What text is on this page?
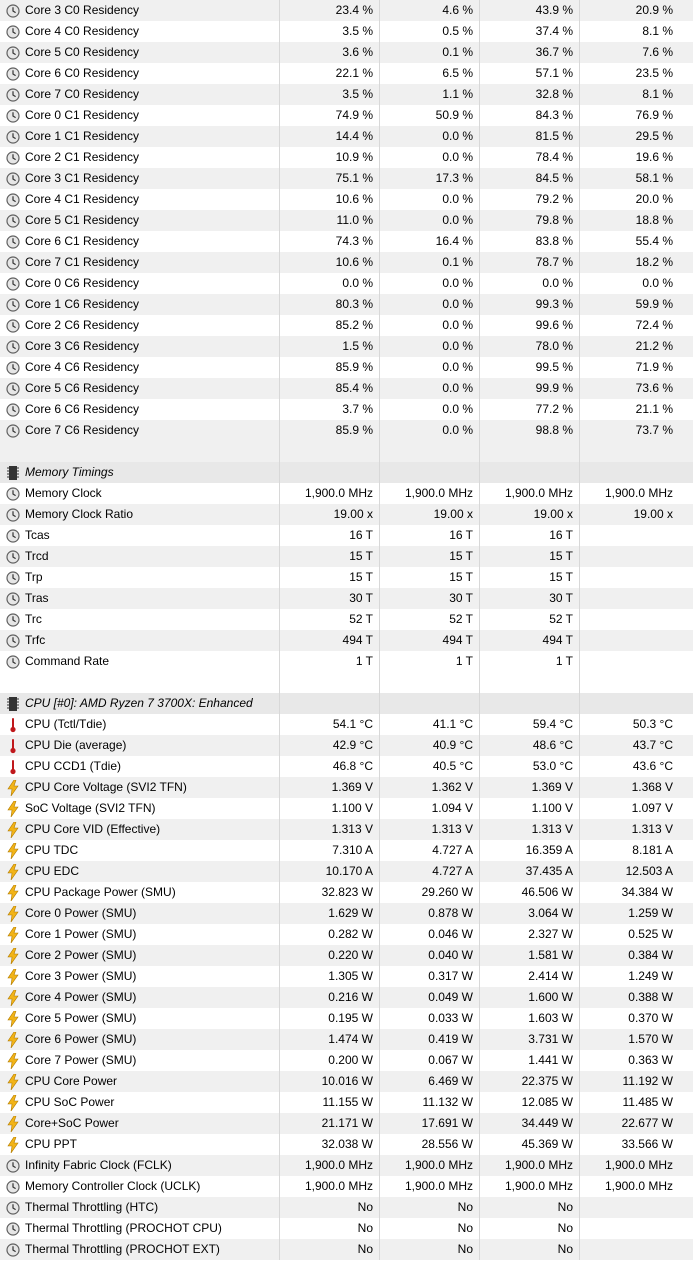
Core 3 C0 Residency	23.4 %	4.6 %	43.9 %	20.9 %
Core 4 C0 Residency	3.5 %	0.5 %	37.4 %	8.1 %
Core 5 C0 Residency	3.6 %	0.1 %	36.7 %	7.6 %
Core 6 C0 Residency	22.1 %	6.5 %	57.1 %	23.5 %
Core 7 C0 Residency	3.5 %	1.1 %	32.8 %	8.1 %
Core 0 C1 Residency	74.9 %	50.9 %	84.3 %	76.9 %
Core 1 C1 Residency	14.4 %	0.0 %	81.5 %	29.5 %
Core 2 C1 Residency	10.9 %	0.0 %	78.4 %	19.6 %
Core 3 C1 Residency	75.1 %	17.3 %	84.5 %	58.1 %
Core 4 C1 Residency	10.6 %	0.0 %	79.2 %	20.0 %
Core 5 C1 Residency	11.0 %	0.0 %	79.8 %	18.8 %
Core 6 C1 Residency	74.3 %	16.4 %	83.8 %	55.4 %
Core 7 C1 Residency	10.6 %	0.1 %	78.7 %	18.2 %
Core 0 C6 Residency	0.0 %	0.0 %	0.0 %	0.0 %
Core 1 C6 Residency	80.3 %	0.0 %	99.3 %	59.9 %
Core 2 C6 Residency	85.2 %	0.0 %	99.6 %	72.4 %
Core 3 C6 Residency	1.5 %	0.0 %	78.0 %	21.2 %
Core 4 C6 Residency	85.9 %	0.0 %	99.5 %	71.9 %
Core 5 C6 Residency	85.4 %	0.0 %	99.9 %	73.6 %
Core 6 C6 Residency	3.7 %	0.0 %	77.2 %	21.1 %
Core 7 C6 Residency	85.9 %	0.0 %	98.8 %	73.7 %
Memory Timings
Memory Clock	1,900.0 MHz	1,900.0 MHz	1,900.0 MHz	1,900.0 MHz
Memory Clock Ratio	19.00 x	19.00 x	19.00 x	19.00 x
Tcas	16 T	16 T	16 T
Trcd	15 T	15 T	15 T
Trp	15 T	15 T	15 T
Tras	30 T	30 T	30 T
Trc	52 T	52 T	52 T
Trfc	494 T	494 T	494 T
Command Rate	1 T	1 T	1 T
CPU [#0]: AMD Ryzen 7 3700X: Enhanced
CPU (Tctl/Tdie)	54.1 °C	41.1 °C	59.4 °C	50.3 °C
CPU Die (average)	42.9 °C	40.9 °C	48.6 °C	43.7 °C
CPU CCD1 (Tdie)	46.8 °C	40.5 °C	53.0 °C	43.6 °C
CPU Core Voltage (SVI2 TFN)	1.369 V	1.362 V	1.369 V	1.368 V
SoC Voltage (SVI2 TFN)	1.100 V	1.094 V	1.100 V	1.097 V
CPU Core VID (Effective)	1.313 V	1.313 V	1.313 V	1.313 V
CPU TDC	7.310 A	4.727 A	16.359 A	8.181 A
CPU EDC	10.170 A	4.727 A	37.435 A	12.503 A
CPU Package Power (SMU)	32.823 W	29.260 W	46.506 W	34.384 W
Core 0 Power (SMU)	1.629 W	0.878 W	3.064 W	1.259 W
Core 1 Power (SMU)	0.282 W	0.046 W	2.327 W	0.525 W
Core 2 Power (SMU)	0.220 W	0.040 W	1.581 W	0.384 W
Core 3 Power (SMU)	1.305 W	0.317 W	2.414 W	1.249 W
Core 4 Power (SMU)	0.216 W	0.049 W	1.600 W	0.388 W
Core 5 Power (SMU)	0.195 W	0.033 W	1.603 W	0.370 W
Core 6 Power (SMU)	1.474 W	0.419 W	3.731 W	1.570 W
Core 7 Power (SMU)	0.200 W	0.067 W	1.441 W	0.363 W
CPU Core Power	10.016 W	6.469 W	22.375 W	11.192 W
CPU SoC Power	11.155 W	11.132 W	12.085 W	11.485 W
Core+SoC Power	21.171 W	17.691 W	34.449 W	22.677 W
CPU PPT	32.038 W	28.556 W	45.369 W	33.566 W
Infinity Fabric Clock (FCLK)	1,900.0 MHz	1,900.0 MHz	1,900.0 MHz	1,900.0 MHz
Memory Controller Clock (UCLK)	1,900.0 MHz	1,900.0 MHz	1,900.0 MHz	1,900.0 MHz
Thermal Throttling (HTC)	No	No	No
Thermal Throttling (PROCHOT CPU)	No	No	No
Thermal Throttling (PROCHOT EXT)	No	No	No
